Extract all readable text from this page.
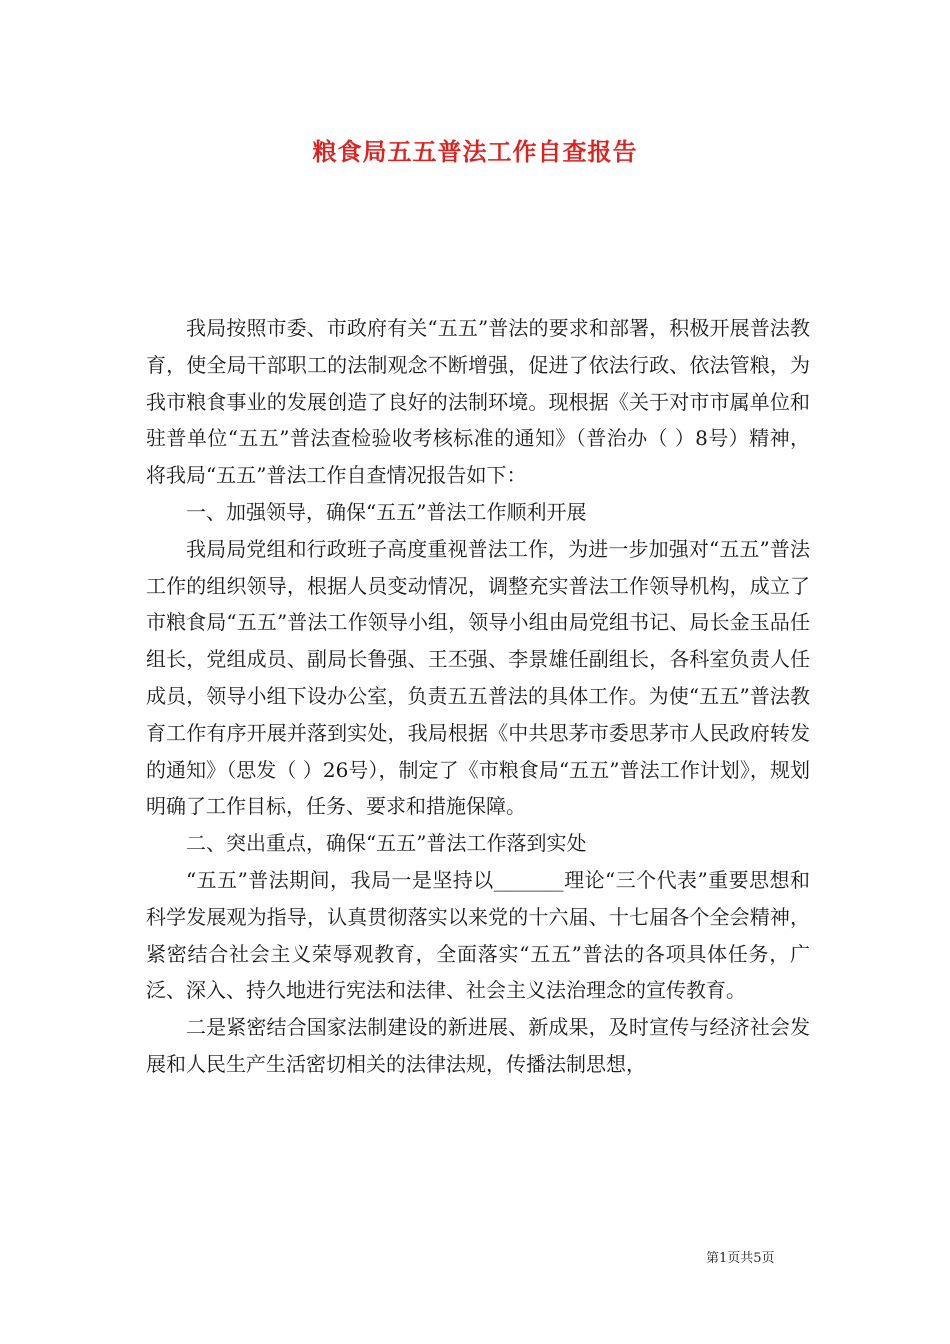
粮食局五五普法工作自查报告

我局按照市委、市政府有关“五五”普法的要求和部署，积极开展普法教育，使全局干部职工的法制观念不断增强，促进了依法行政、依法管粮，为我市粮食事业的发展创造了良好的法制环境。现根据《关于对市市属单位和驻普单位“五五”普法查检验收考核标准的通知》（普治办（ ）8号）精神，将我局“五五”普法工作自查情况报告如下：

一、加强领导，确保“五五”普法工作顺利开展

我局局党组和行政班子高度重视普法工作，为进一步加强对“五五”普法工作的组织领导，根据人员变动情况，调整充实普法工作领导机构，成立了市粮食局“五五”普法工作领导小组，领导小组由局党组书记、局长金玉品任组长，党组成员、副局长鲁强、王丕强、李景雄任副组长，各科室负责人任成员，领导小组下设办公室，负责五五普法的具体工作。为使“五五”普法教育工作有序开展并落到实处，我局根据《中共思茅市委思茅市人民政府转发的通知》（思发（ ）26号），制定了《市粮食局“五五”普法工作计划》，规划明确了工作目标，任务、要求和措施保障。

二、突出重点，确保“五五”普法工作落到实处

“五五”普法期间，我局一是坚持以_______理论“三个代表”重要思想和科学发展观为指导，认真贯彻落实以来党的十六届、十七届各个全会精神，紧密结合社会主义荣辱观教育，全面落实“五五”普法的各项具体任务，广泛、深入、持久地进行宪法和法律、社会主义法治理念的宣传教育。

二是紧密结合国家法制建设的新进展、新成果，及时宣传与经济社会发展和人民生产生活密切相关的法律法规，传播法制思想，

第1页共5页
